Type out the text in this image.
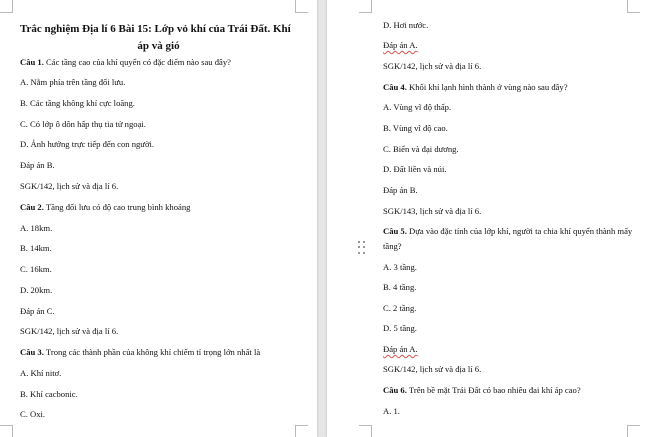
Trắc nghiệm Địa lí 6 Bài 15: Lớp vỏ khí của Trái Đất. Khí
áp và gió
Câu 1. Các tầng cao của khí quyển có đặc điểm nào sau đây?
A. Nằm phía trên tầng đối lưu.
B. Các tầng không khí cực loãng.
C. Có lớp ô dôn hấp thụ tia tử ngoại.
D. Ảnh hưởng trực tiếp đến con người.
Đáp án B.
SGK/142, lịch sử và địa lí 6.
Câu 2. Tầng đối lưu có độ cao trung bình khoảng
A. 18km.
B. 14km.
C. 16km.
D. 20km.
Đáp án C.
SGK/142, lịch sử và địa lí 6.
Câu 3. Trong các thành phần của không khí chiếm tỉ trọng lớn nhất là
A. Khí nitơ.
B. Khí cacbonic.
C. Oxi.
D. Hơi nước.
Đáp án A.
SGK/142, lịch sử và địa lí 6.
Câu 4. Khối khí lạnh hình thành ở vùng nào sau đây?
A. Vùng vĩ độ thấp.
B. Vùng vĩ độ cao.
C. Biển và đại dương.
D. Đất liền và núi.
Đáp án B.
SGK/143, lịch sử và địa lí 6.
Câu 5. Dựa vào đặc tính của lớp khí, người ta chia khí quyển thành mấy
tầng?
A. 3 tầng.
B. 4 tầng.
C. 2 tầng.
D. 5 tầng.
Đáp án A.
SGK/142, lịch sử và địa lí 6.
Câu 6. Trên bề mặt Trái Đất có bao nhiêu đai khí áp cao?
A. 1.
